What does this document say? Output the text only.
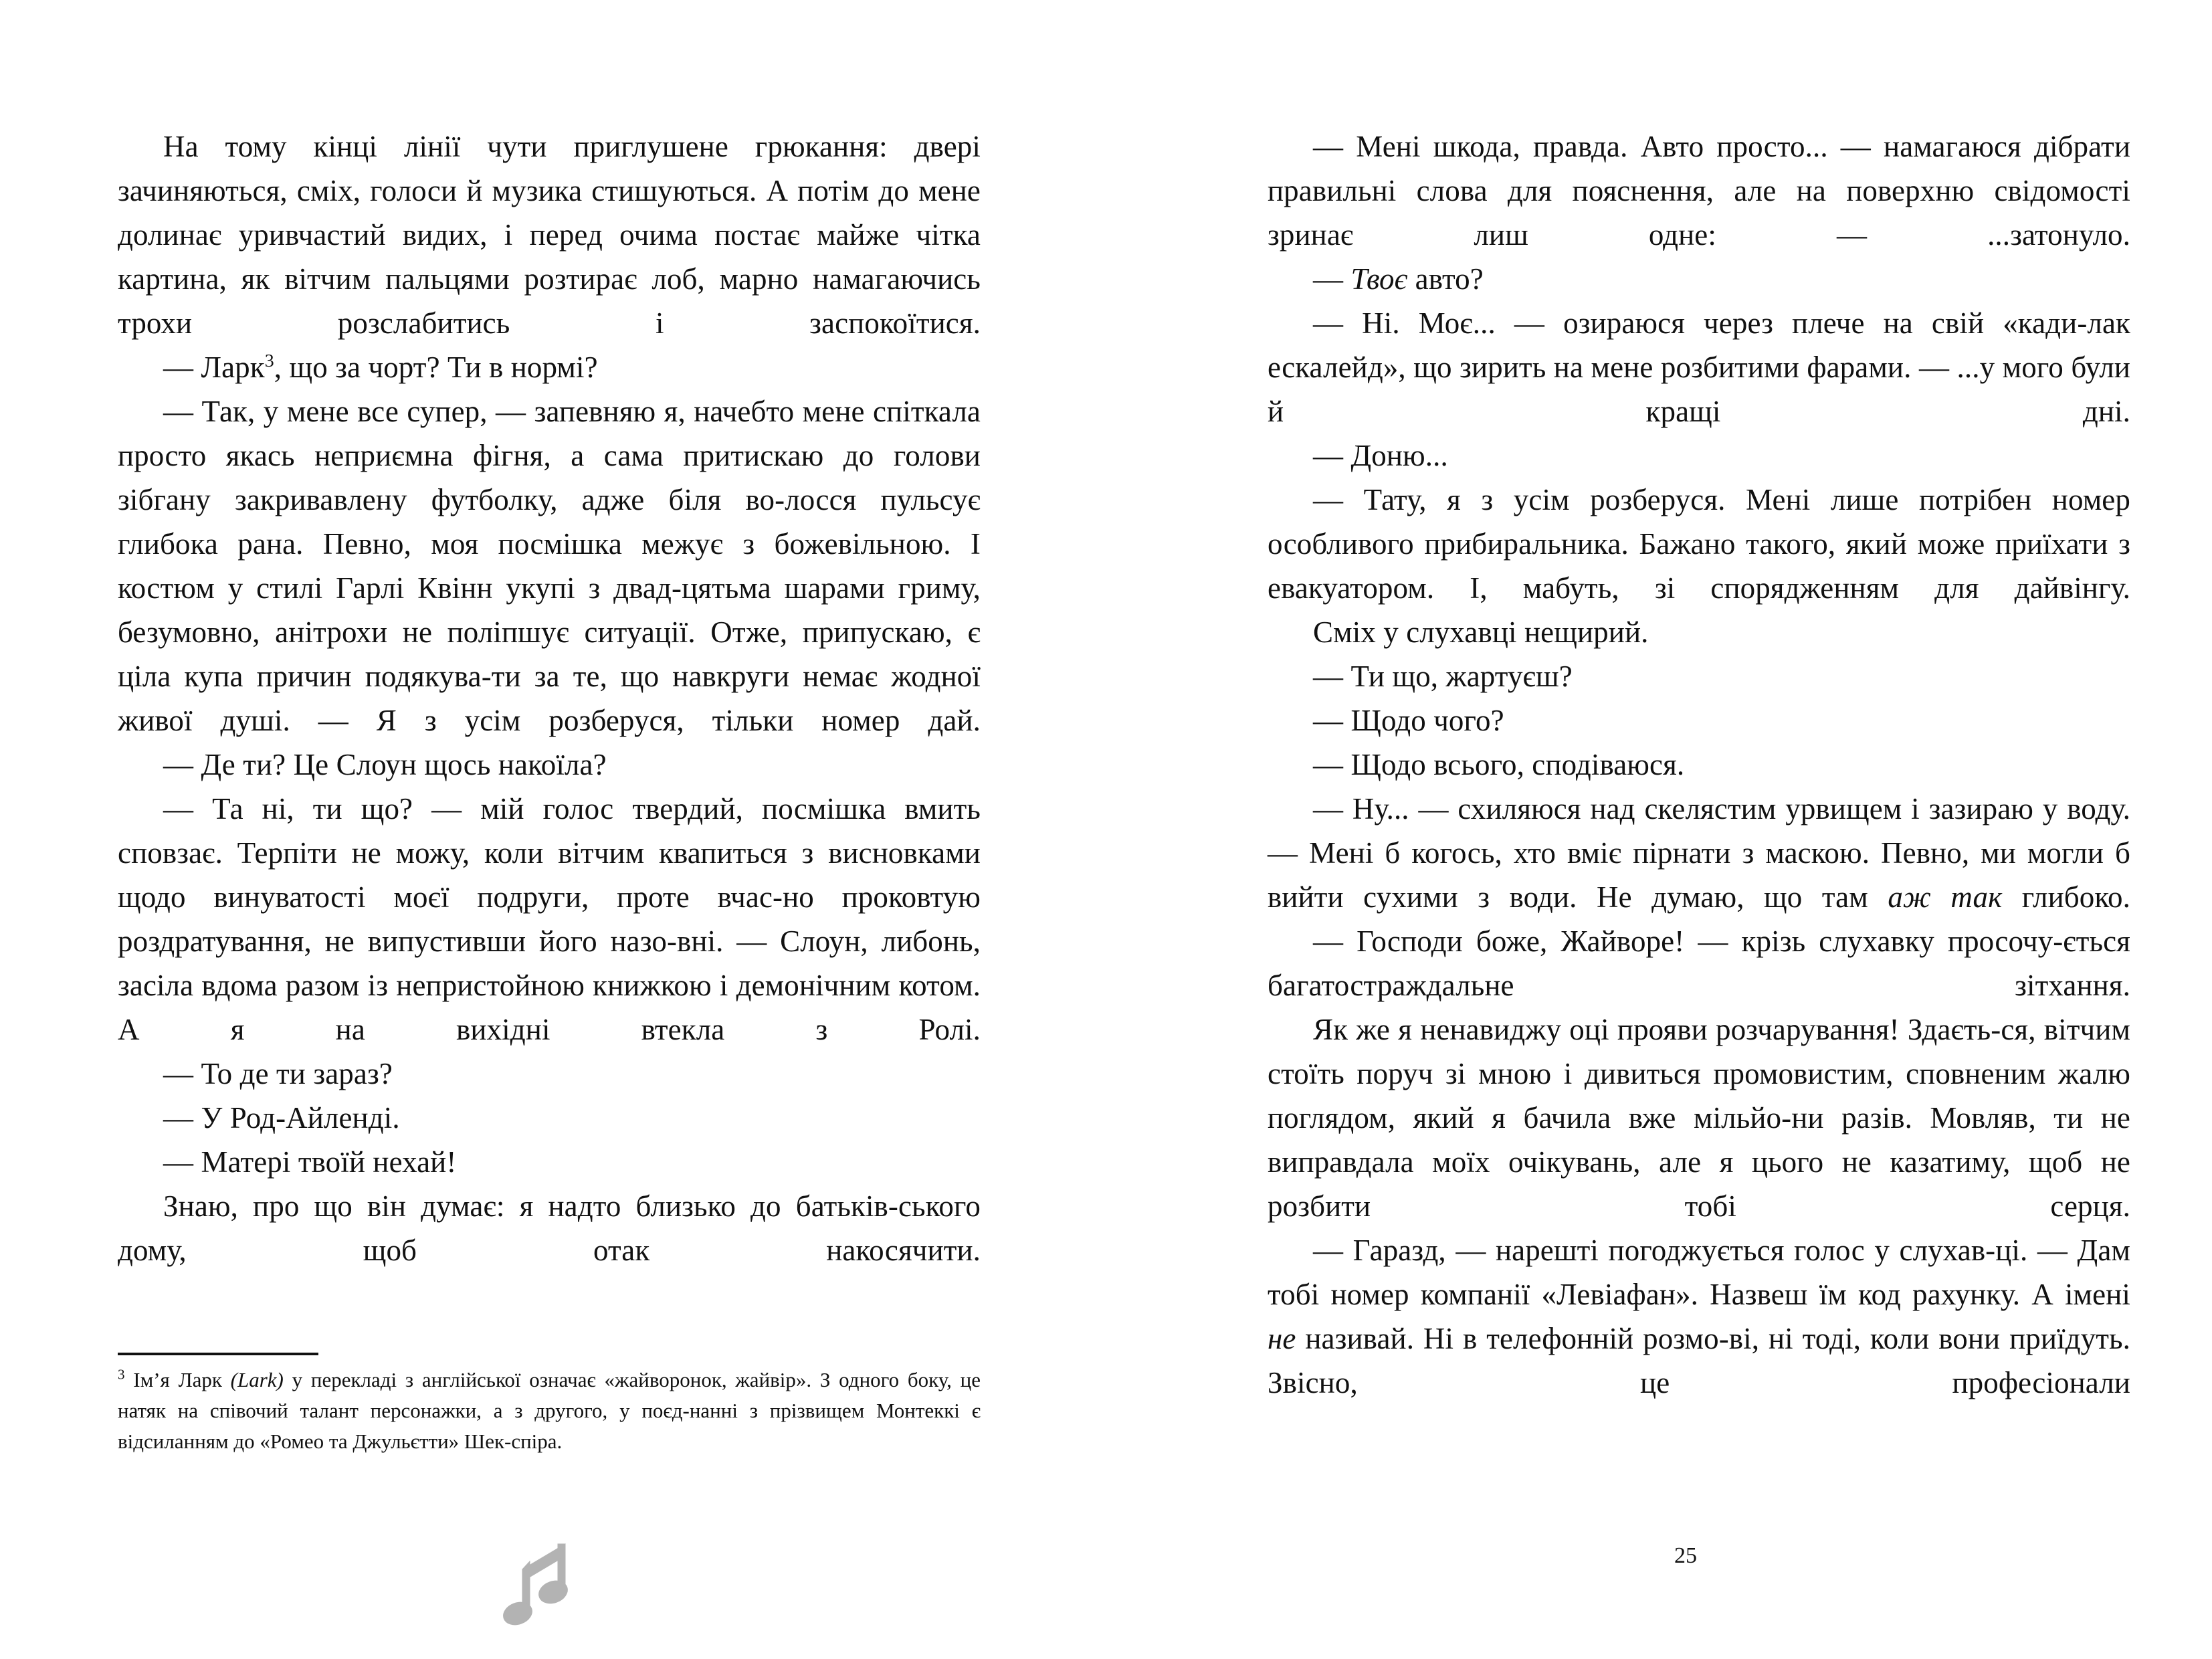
На тому кінці лінії чути приглушене грюкання: двері зачиняються, сміх, голоси й музика стишуються. А потім до мене долинає уривчастий видих, і перед очима постає майже чітка картина, як вітчим пальцями розтирає лоб, марно намагаючись трохи розслабитись і заспокоїтися.

— Ларк$^3$, що за чорт? Ти в нормі?

— Так, у мене все супер, — запевняю я, начебто мене спіткала просто якась неприємна фігня, а сама притискаю до голови зібгану закривавлену футболку, адже біля во-лосся пульсує глибока рана. Певно, моя посмішка межує з божевільною. І костюм у стилі Гарлі Квінн укупі з двад-цятьма шарами гриму, безумовно, анітрохи не поліпшує ситуації. Отже, припускаю, є ціла купа причин подякува-ти за те, що навкруги немає жодної живої душі. — Я з усім розберуся, тільки номер дай.

— Де ти? Це Слоун щось накоїла?

— Та ні, ти що? — мій голос твердий, посмішка вмить сповзає. Терпіти не можу, коли вітчим квапиться з висновками щодо винуватості моєї подруги, проте вчас-но проковтую роздратування, не випустивши його назо-вні. — Слоун, либонь, засіла вдома разом із непристойною книжкою і демонічним котом. А я на вихідні втекла з Ролі.

— То де ти зараз?

— У Род-Айленді.

— Матері твоїй нехай!

Знаю, про що він думає: я надто близько до батьків-ського дому, щоб отак накосячити.

$^3$ Ім’я Ларк (Lark) у перекладі з англійської означає «жайворонок, жайвір». З одного боку, це натяк на співочий талант персонажки, а з другого, у поєд-нанні з прізвищем Монтеккі є відсиланням до «Ромео та Джульєтти» Шек-спіра.

— Мені шкода, правда. Авто просто... — намагаюся дібрати правильні слова для пояснення, але на поверхню свідомості зринає лиш одне: — ...затонуло.

— Твоє авто?

— Ні. Моє... — озираюся через плече на свій «кади-лак ескалейд», що зирить на мене розбитими фарами. — ...у мого були й кращі дні.

— Доню...

— Тату, я з усім розберуся. Мені лише потрібен номер особливого прибиральника. Бажано такого, який може приїхати з евакуатором. І, мабуть, зі спорядженням для дайвінгу.

Сміх у слухавці нещирий.

— Ти що, жартуєш?

— Щодо чого?

— Щодо всього, сподіваюся.

— Ну... — схиляюся над скелястим урвищем і зазираю у воду. — Мені б когось, хто вміє пірнати з маскою. Певно, ми могли б вийти сухими з води. Не думаю, що там аж так глибоко.

— Господи боже, Жайворе! — крізь слухавку просочу-ється багатостраждальне зітхання.

Як же я ненавиджу оці прояви розчарування! Здаєть-ся, вітчим стоїть поруч зі мною і дивиться промовистим, сповненим жалю поглядом, який я бачила вже мільйо-ни разів. Мовляв, ти не виправдала моїх очікувань, але я цього не казатиму, щоб не розбити тобі серця.

— Гаразд, — нарешті погоджується голос у слухав-ці. — Дам тобі номер компанії «Левіафан». Назвеш їм код рахунку. А імені не називай. Ні в телефонній розмо-ві, ні тоді, коли вони приїдуть. Звісно, це професіонали

25
